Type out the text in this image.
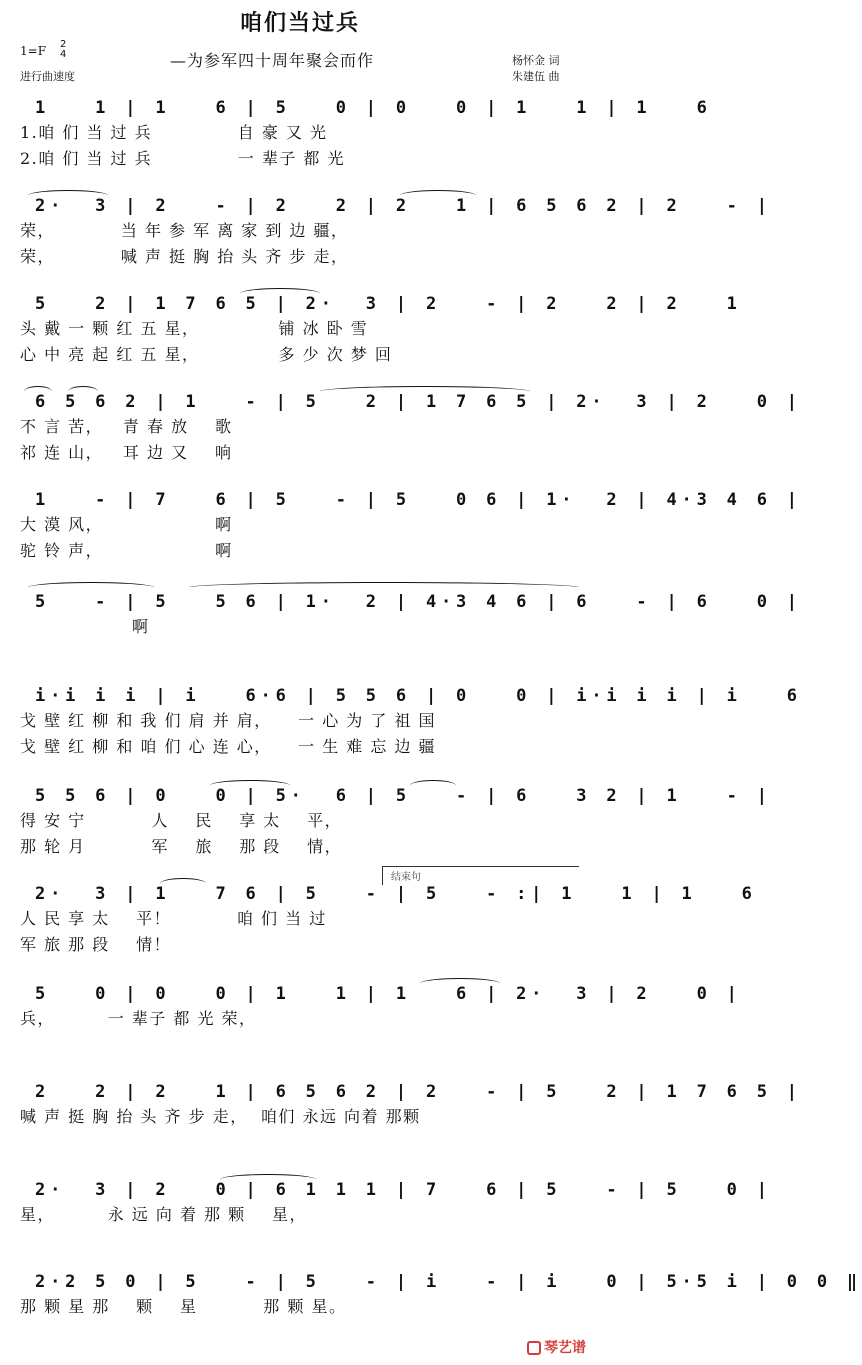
咱们当过兵
1=F 2
4	—为参军四十周年聚会而作
进行曲速度
杨怀金 词
朱建伍 曲
1   1 | 1   6 | 5   0 | 0   0 | 1   1 | 1   6
1.咱 们 当 过 兵             自 豪 又 光
2.咱 们 当 过 兵             一 辈子 都 光
2·  3 | 2   - | 2   2 | 2   1 | 6 5 6 2 | 2   - |
荣，          当 年 参 军 离 家 到 边 疆，
荣，          喊 声 挺 胸 抬 头 齐 步 走，
5   2 | 1 7 6 5 | 2·  3 | 2   - | 2   2 | 2   1
头 戴 一 颗 红 五 星，            铺 冰 卧 雪
心 中 亮 起 红 五 星，            多 少 次 梦 回
6 5 6 2 | 1   - | 5   2 | 1 7 6 5 | 2·  3 | 2   0 |
不 言 苦，   青 春 放    歌
祁 连 山，   耳 边 又    响
1   - | 7   6 | 5   - | 5   0 6 | 1·  2 | 4·3 4 6 |
大 漠 风，                 啊
驼 铃 声，                 啊
5   - | 5   5 6 | 1·  2 | 4·3 4 6 | 6   - | 6   0 |
啊
i·i i i | i   6·6 | 5 5 6 | 0   0 | i·i i i | i   6
戈 壁 红 柳 和 我 们 肩 并 肩，    一 心 为 了 祖 国
戈 壁 红 柳 和 咱 们 心 连 心，    一 生 难 忘 边 疆
5 5 6 | 0   0 | 5·  6 | 5   - | 6   3 2 | 1   - |
得 安 宁          人    民    享 太    平，
那 轮 月          军    旅    那 段    情，
结束句
2·  3 | 1   7 6 | 5   - | 5   - :| 1   1 | 1   6
人 民 享 太    平！          咱 们 当 过
军 旅 那 段    情！
5   0 | 0   0 | 1   1 | 1   6 | 2·  3 | 2   0 |
兵，        一 辈子 都 光 荣，
2   2 | 2   1 | 6 5 6 2 | 2   - | 5   2 | 1 7 6 5 |
喊 声 挺 胸 抬 头 齐 步 走，  咱们 永远 向着 那颗
2·  3 | 2   0 | 6 1 1 1 | 7   6 | 5   - | 5   0 |
星，        永 远 向 着 那 颗    星，
2·2 5 0 | 5   - | 5   - | i   - | i   0 | 5·5 i | 0 0 ‖
那 颗 星 那    颗    星          那 颗 星。
琴艺谱
